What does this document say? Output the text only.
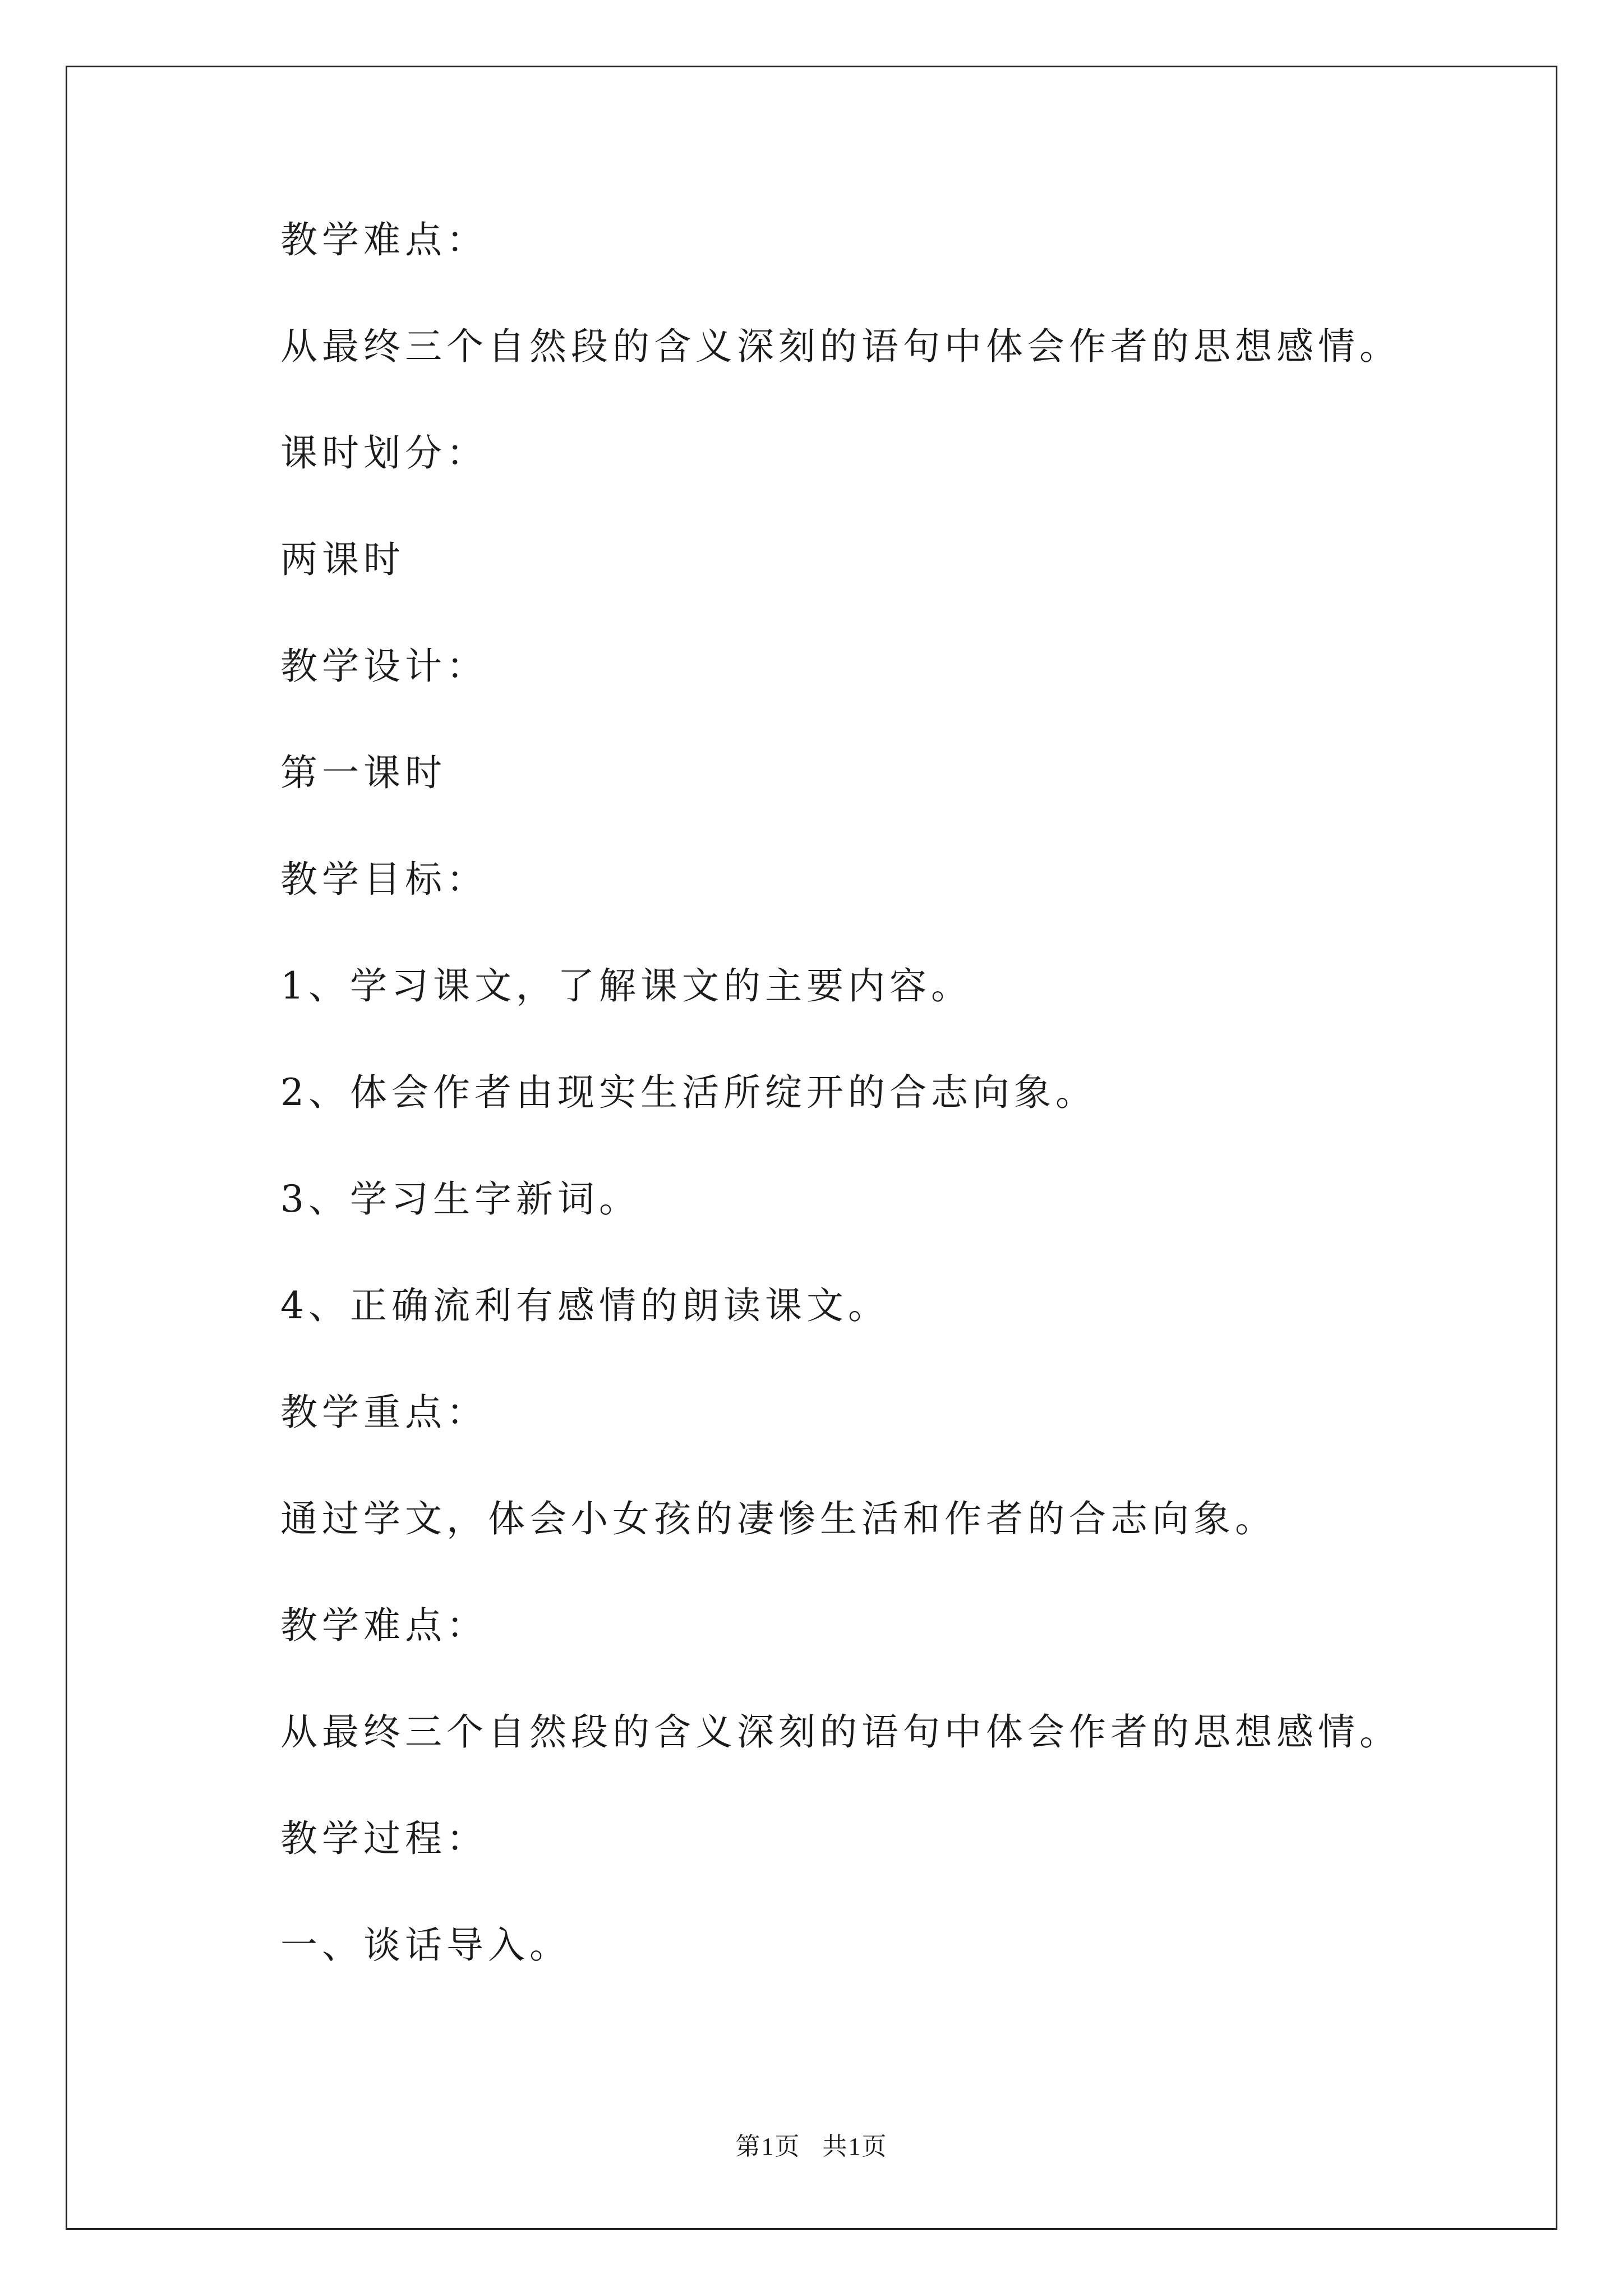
教学难点：
从最终三个自然段的含义深刻的语句中体会作者的思想感情。
课时划分：
两课时
教学设计：
第一课时
教学目标：
1、学习课文，了解课文的主要内容。
2、体会作者由现实生活所绽开的合志向象。
3、学习生字新词。
4、正确流利有感情的朗读课文。
教学重点：
通过学文，体会小女孩的凄惨生活和作者的合志向象。
教学难点：
从最终三个自然段的含义深刻的语句中体会作者的思想感情。
教学过程：
一、谈话导入。
第1页   共1页
